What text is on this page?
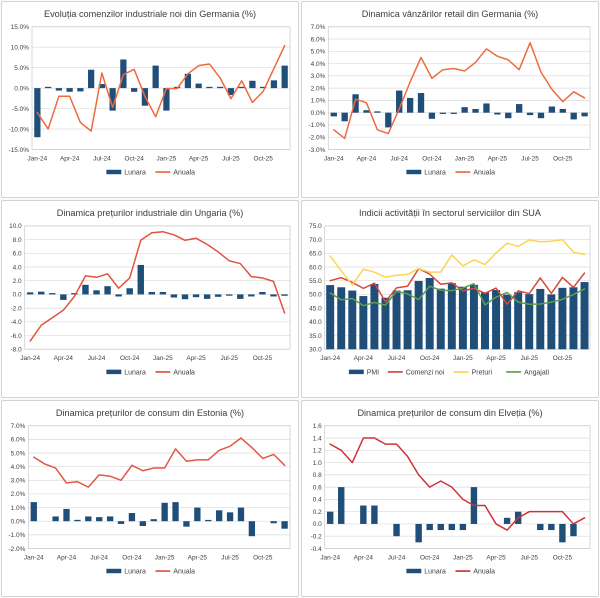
Evoluția comenzilor industriale noi din Germania (%)
-15.0%
-10.0%
-5.0%
0.0%
5.0%
10.0%
15.0%
Jan-24 Apr-24 Jul-24 Oct-24 Jan-25 Apr-25 Jul-25 Oct-25
Lunara	Anuala
Dinamica vânzărilor retail din Germania (%)
-3.0%
-2.0%
-1.0%
0.0%
1.0%
2.0%
3.0%
4.0%
5.0%
6.0%
7.0%
Jan-24 Apr-24 Jul-24 Oct-24 Jan-25 Apr-25 Jul-25 Oct-25
Lunara	Anuala
Dinamica prețurilor industriale din Ungaria (%)
-8.0
-6.0
-4.0
-2.0
0.0
2.0
4.0
6.0
8.0
10.0
Jan-24 Apr-24 Jul-24 Oct-24 Jan-25 Apr-25 Jul-25 Oct-25
Lunara	Anuala
Indicii activității în sectorul serviciilor din SUA
30.0
35.0
40.0
45.0
50.0
55.0
60.0
65.0
70.0
75.0
Jan-24 Apr-24 Jul-24 Oct-24 Jan-25 Apr-25 Jul-25 Oct-25
PMI	Comenzi noi	Preturi	Angajati
Dinamica prețurilor de consum din Estonia (%)
-2.0%
-1.0%
0.0%
1.0%
2.0%
3.0%
4.0%
5.0%
6.0%
7.0%
Jan-24 Apr-24 Jul-24 Oct-24 Jan-25 Apr-25 Jul-25 Oct-25
Lunara	Anuala
Dinamica prețurilor de consum din Elveția (%)
-0.4
-0.2
0.0
0.2
0.4
0.6
0.8
1.0
1.2
1.4
1.6
Jan-24 Apr-24 Jul-24 Oct-24 Jan-25 Apr-25 Jul-25 Oct-25
Lunara	Anuala
